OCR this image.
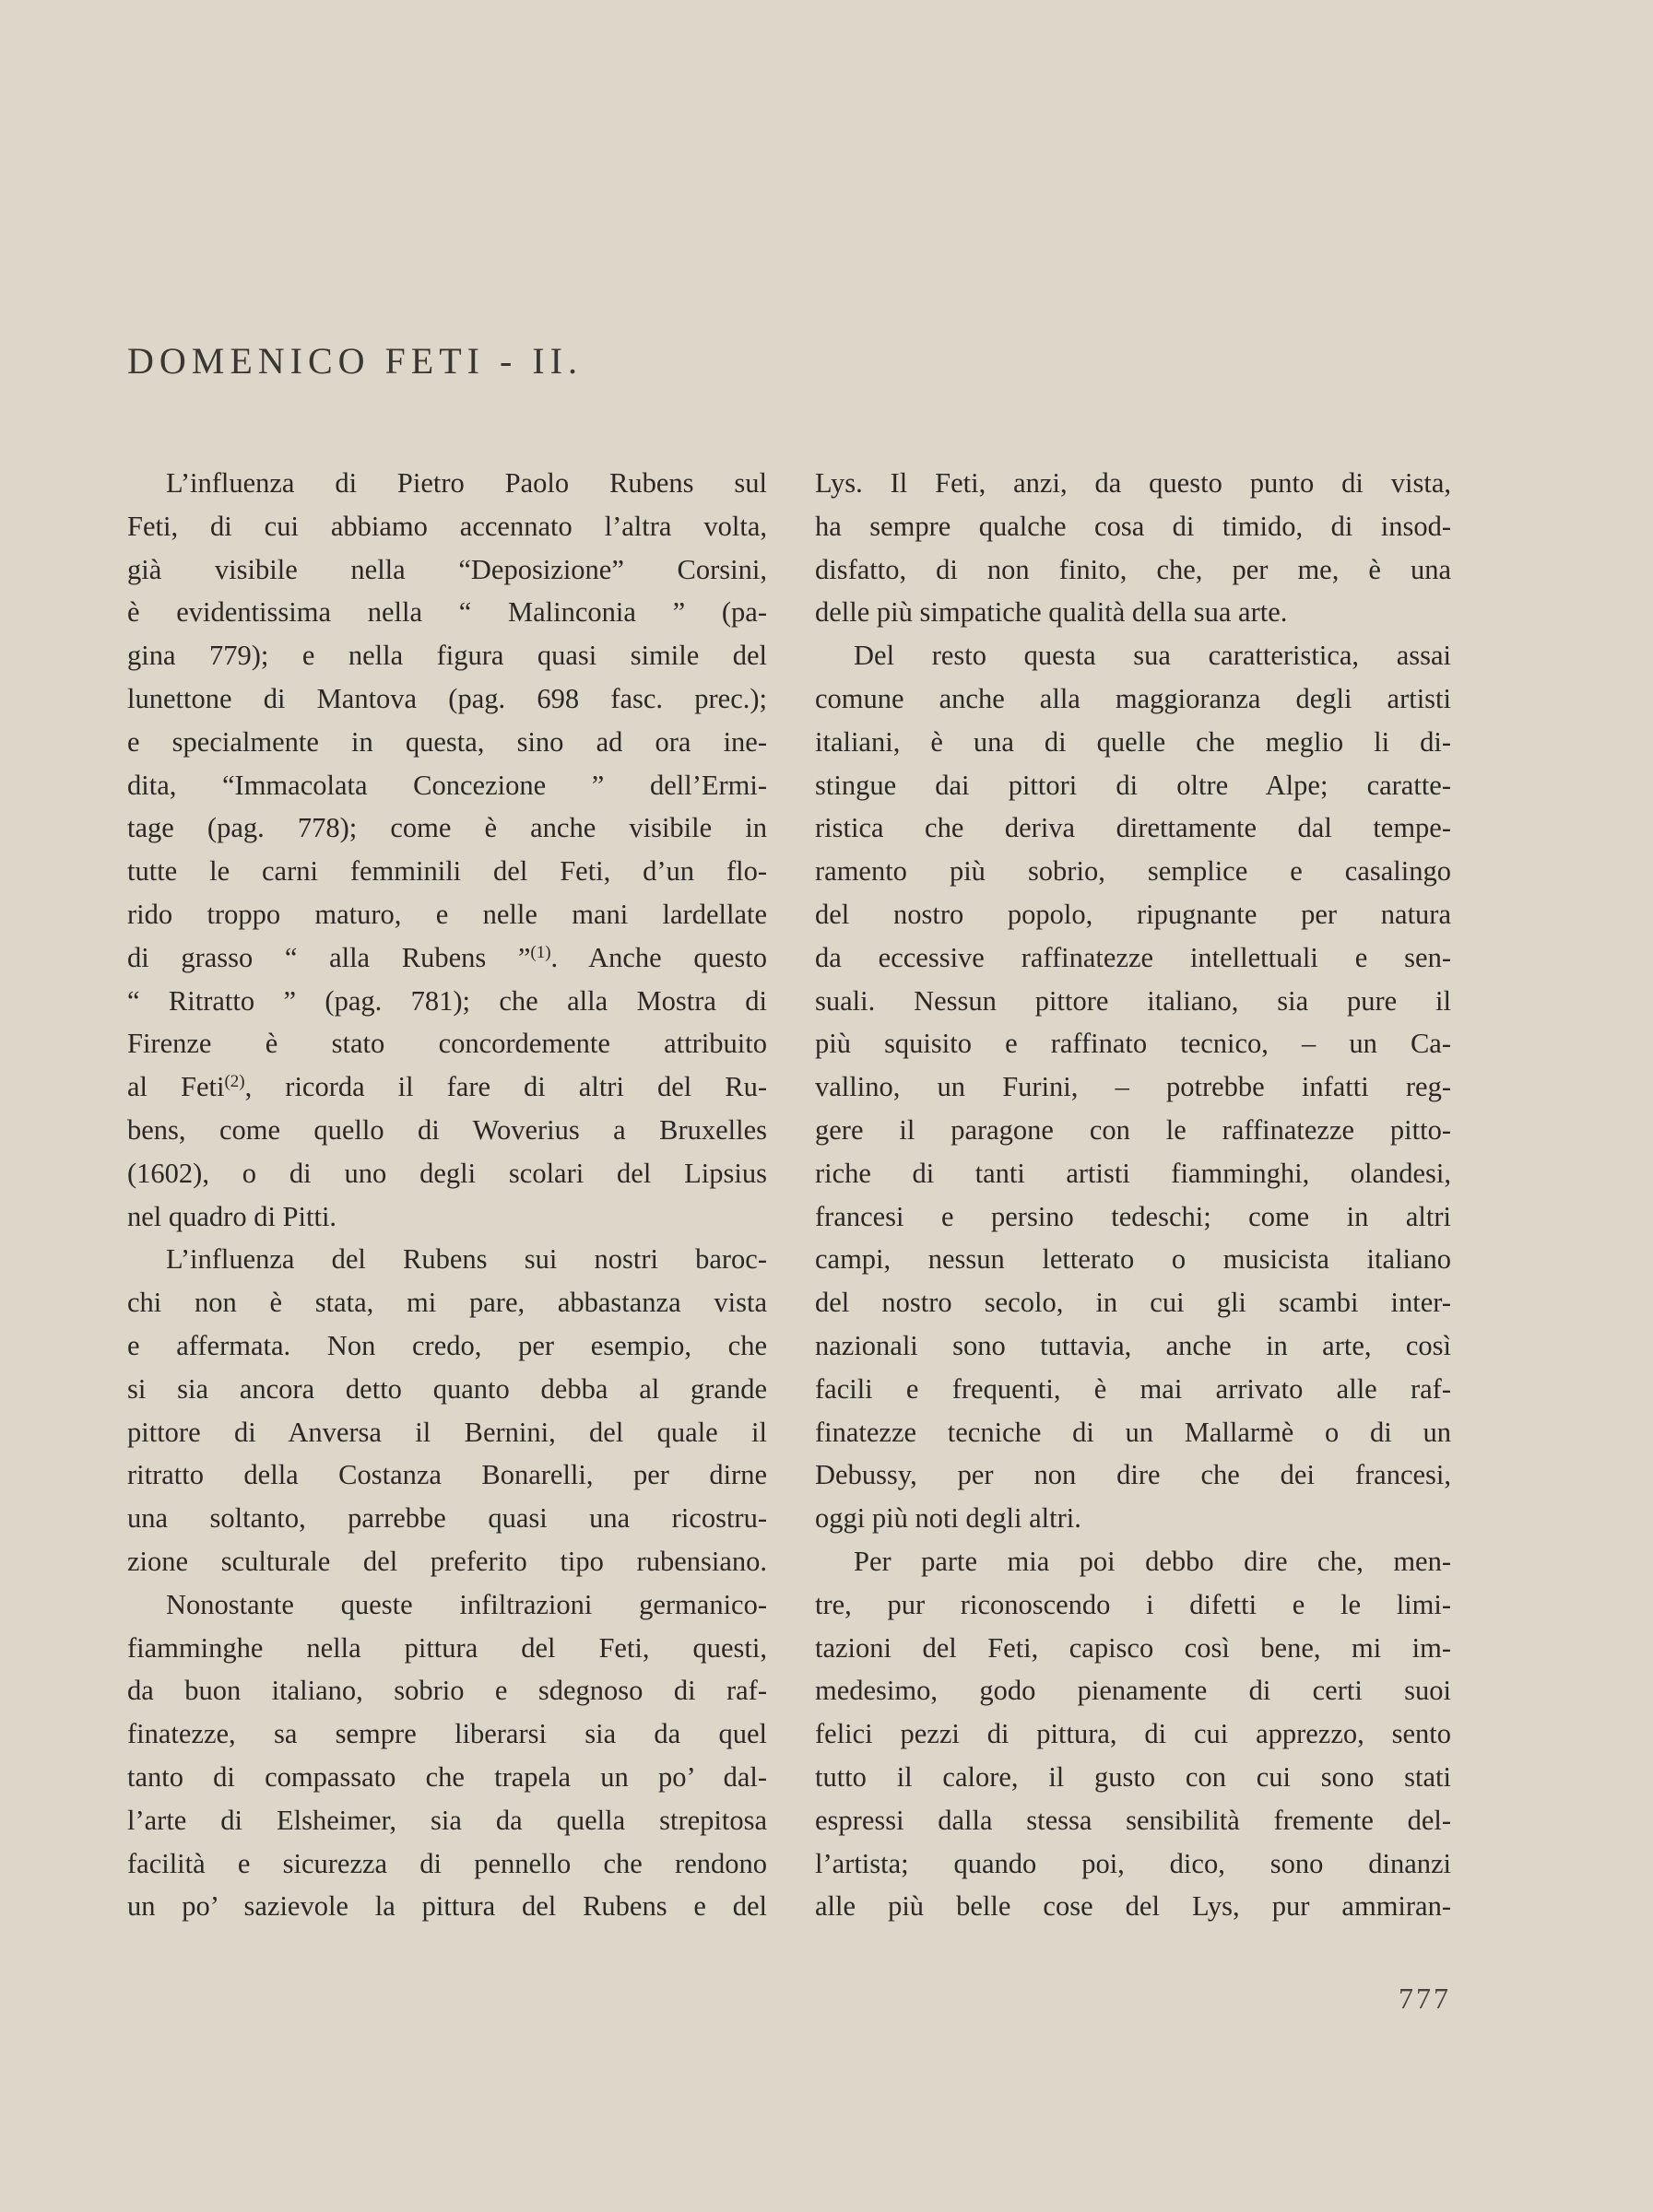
DOMENICO FETI - II.
L’influenza di Pietro Paolo Rubens sul
Feti, di cui abbiamo accennato l’altra volta,
già visibile nella “Deposizione” Corsini,
è evidentissima nella “ Malinconia ” (pa-
gina 779); e nella figura quasi simile del
lunettone di Mantova (pag. 698 fasc. prec.);
e specialmente in questa, sino ad ora ine-
dita, “Immacolata Concezione ” dell’Ermi-
tage (pag. 778); come è anche visibile in
tutte le carni femminili del Feti, d’un flo-
rido troppo maturo, e nelle mani lardellate
di grasso “ alla Rubens ”$^{(1)}$. Anche questo
“ Ritratto ” (pag. 781); che alla Mostra di
Firenze è stato concordemente attribuito
al Feti$^{(2)}$, ricorda il fare di altri del Ru-
bens, come quello di Woverius a Bruxelles
(1602), o di uno degli scolari del Lipsius
nel quadro di Pitti.
L’influenza del Rubens sui nostri baroc-
chi non è stata, mi pare, abbastanza vista
e affermata. Non credo, per esempio, che
si sia ancora detto quanto debba al grande
pittore di Anversa il Bernini, del quale il
ritratto della Costanza Bonarelli, per dirne
una soltanto, parrebbe quasi una ricostru-
zione sculturale del preferito tipo rubensiano.
Nonostante queste infiltrazioni germanico-
fiamminghe nella pittura del Feti, questi,
da buon italiano, sobrio e sdegnoso di raf-
finatezze, sa sempre liberarsi sia da quel
tanto di compassato che trapela un po’ dal-
l’arte di Elsheimer, sia da quella strepitosa
facilità e sicurezza di pennello che rendono
un po’ sazievole la pittura del Rubens e del
Lys. Il Feti, anzi, da questo punto di vista,
ha sempre qualche cosa di timido, di insod-
disfatto, di non finito, che, per me, è una
delle più simpatiche qualità della sua arte.
Del resto questa sua caratteristica, assai
comune anche alla maggioranza degli artisti
italiani, è una di quelle che meglio li di-
stingue dai pittori di oltre Alpe; caratte-
ristica che deriva direttamente dal tempe-
ramento più sobrio, semplice e casalingo
del nostro popolo, ripugnante per natura
da eccessive raffinatezze intellettuali e sen-
suali. Nessun pittore italiano, sia pure il
più squisito e raffinato tecnico, – un Ca-
vallino, un Furini, – potrebbe infatti reg-
gere il paragone con le raffinatezze pitto-
riche di tanti artisti fiamminghi, olandesi,
francesi e persino tedeschi; come in altri
campi, nessun letterato o musicista italiano
del nostro secolo, in cui gli scambi inter-
nazionali sono tuttavia, anche in arte, così
facili e frequenti, è mai arrivato alle raf-
finatezze tecniche di un Mallarmè o di un
Debussy, per non dire che dei francesi,
oggi più noti degli altri.
Per parte mia poi debbo dire che, men-
tre, pur riconoscendo i difetti e le limi-
tazioni del Feti, capisco così bene, mi im-
medesimo, godo pienamente di certi suoi
felici pezzi di pittura, di cui apprezzo, sento
tutto il calore, il gusto con cui sono stati
espressi dalla stessa sensibilità fremente del-
l’artista; quando poi, dico, sono dinanzi
alle più belle cose del Lys, pur ammiran-
777
